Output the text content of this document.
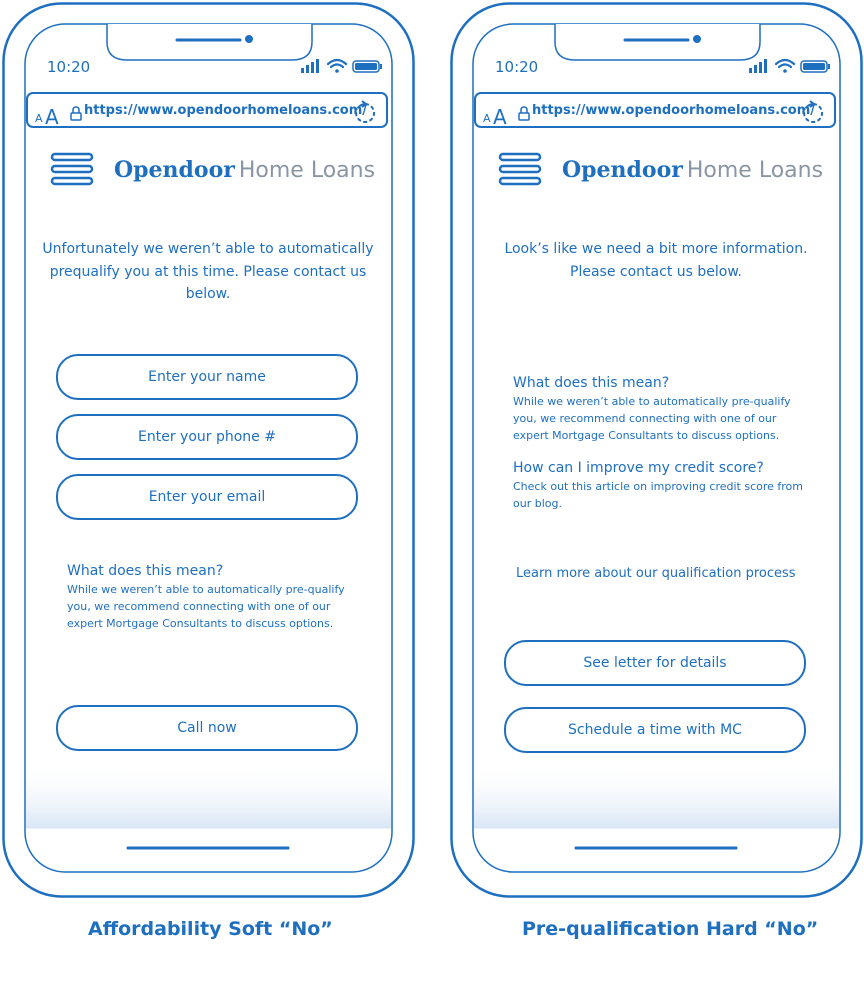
10:20
A A https://www.opendoorhomeloans.com/
Opendoor Home Loans
Unfortunately we weren’t able to automatically prequalify you at this time. Please contact us below.
Enter your name
Enter your phone #
Enter your email
What does this mean?
While we weren’t able to automatically pre-qualify you, we recommend connecting with one of our expert Mortgage Consultants to discuss options.
Call now
10:20
A A https://www.opendoorhomeloans.com/
Opendoor Home Loans
Look’s like we need a bit more information. Please contact us below.
What does this mean?
While we weren’t able to automatically pre-qualify you, we recommend connecting with one of our expert Mortgage Consultants to discuss options.
How can I improve my credit score?
Check out this article on improving credit score from our blog.
Learn more about our qualification process
See letter for details
Schedule a time with MC
Affordability Soft “No”	Pre-qualification Hard “No”
